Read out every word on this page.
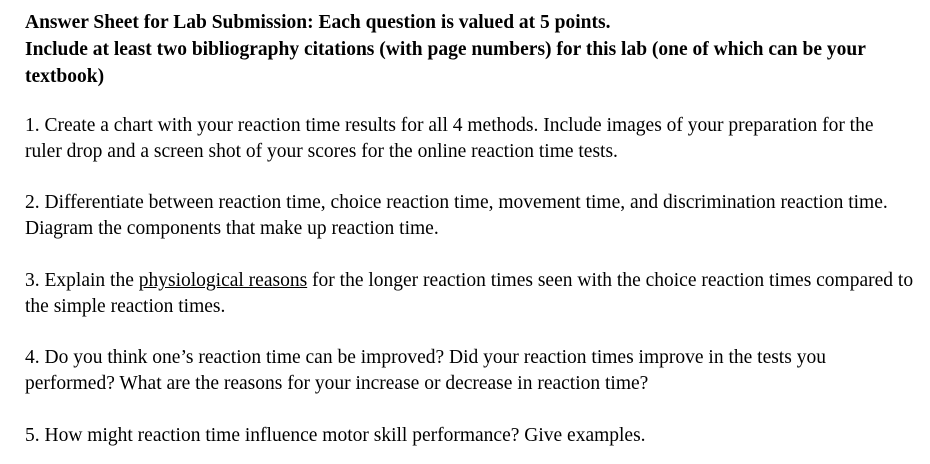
Answer Sheet for Lab Submission: Each question is valued at 5 points.
Include at least two bibliography citations (with page numbers) for this lab (one of which can be your textbook)

1. Create a chart with your reaction time results for all 4 methods. Include images of your preparation for the ruler drop and a screen shot of your scores for the online reaction time tests.

2. Differentiate between reaction time, choice reaction time, movement time, and discrimination reaction time. Diagram the components that make up reaction time.

3. Explain the physiological reasons for the longer reaction times seen with the choice reaction times compared to the simple reaction times.

4. Do you think one’s reaction time can be improved? Did your reaction times improve in the tests you performed? What are the reasons for your increase or decrease in reaction time?

5. How might reaction time influence motor skill performance? Give examples.
